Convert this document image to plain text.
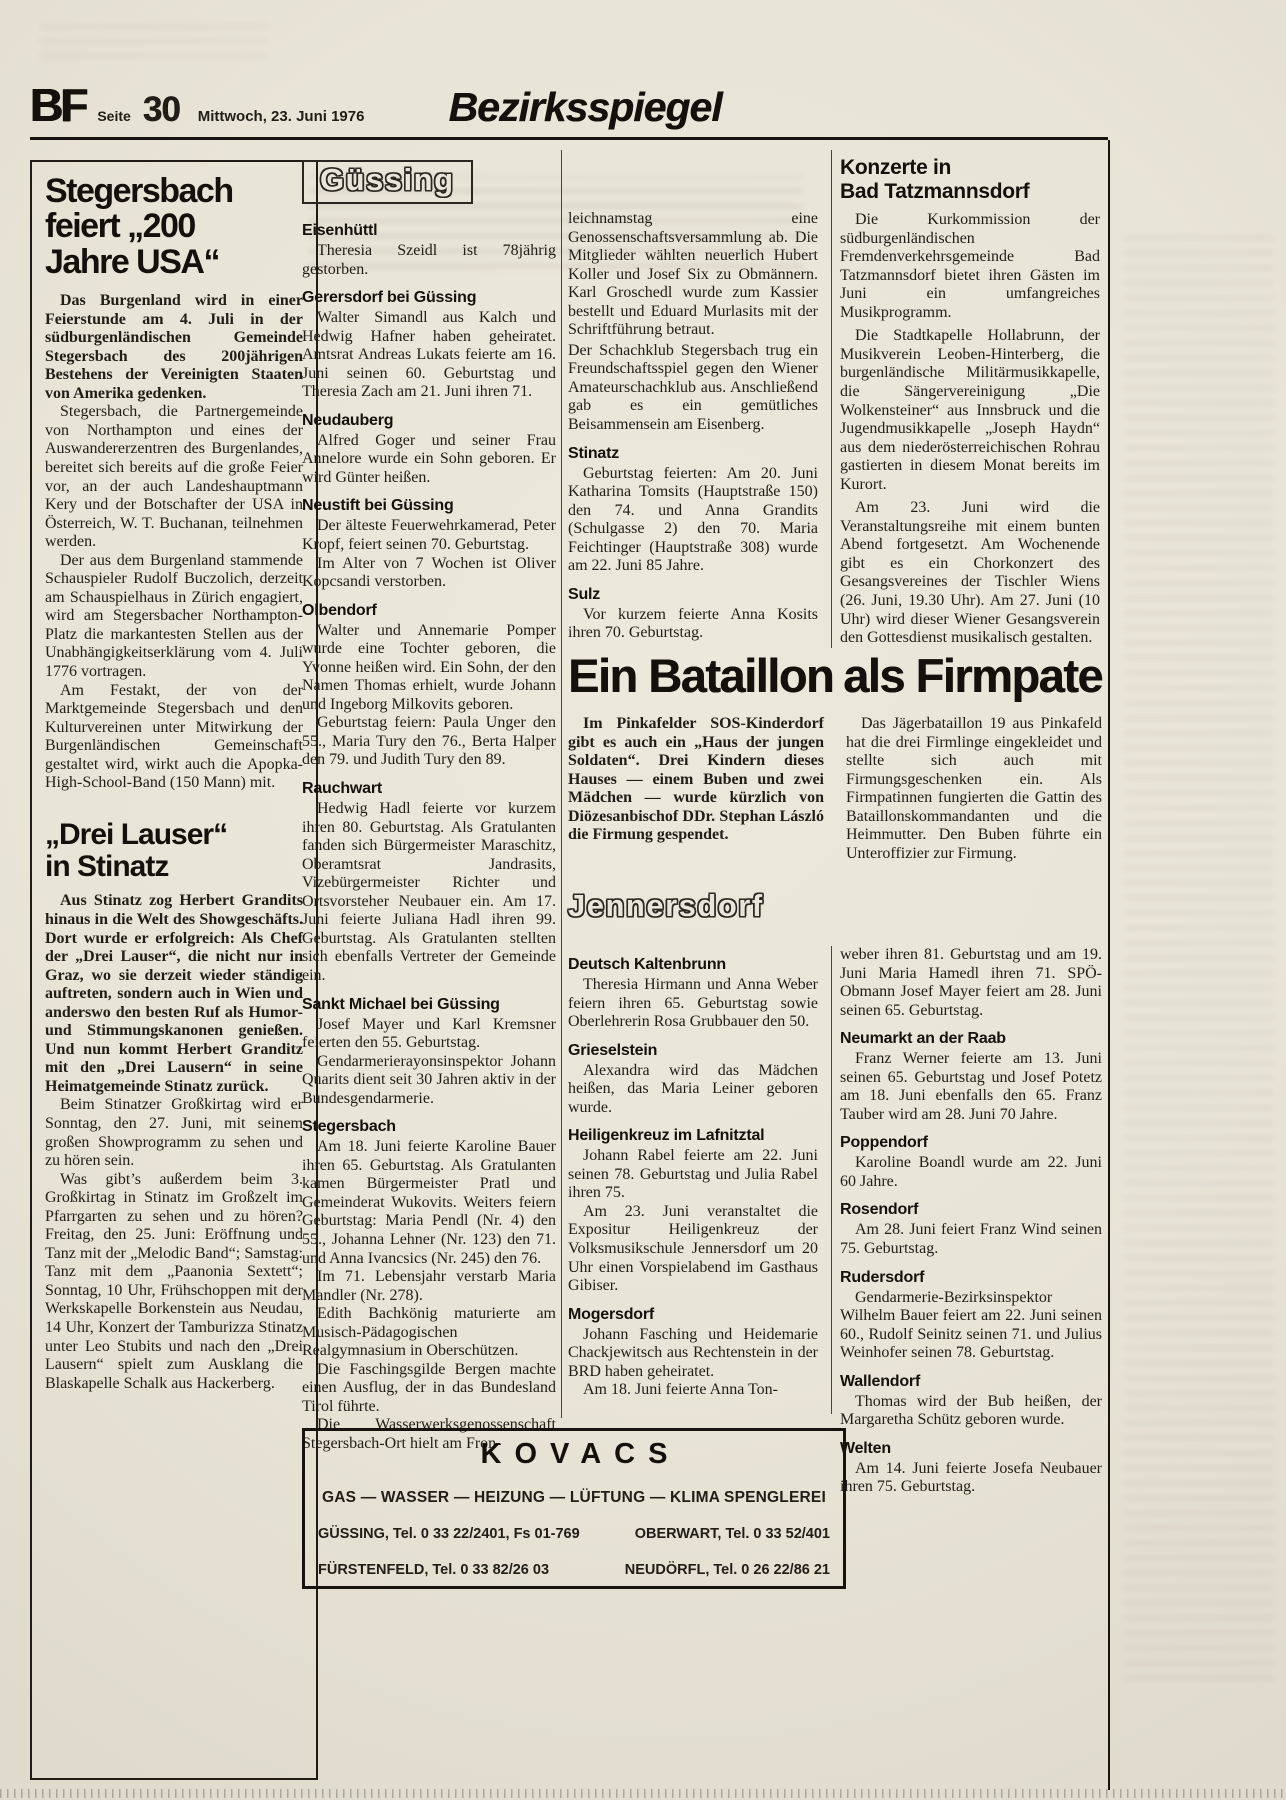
BF Seite 30 Mittwoch, 23. Juni 1976 Bezirksspiegel
Stegersbach
feiert „200
Jahre USA“

Das Burgenland wird in einer Feierstunde am 4. Juli in der südburgenländischen Gemeinde Stegersbach des 200jährigen Bestehens der Vereinigten Staaten von Amerika gedenken.

Stegersbach, die Partnergemeinde von Northampton und eines der Auswandererzentren des Burgenlandes, bereitet sich bereits auf die große Feier vor, an der auch Landeshauptmann Kery und der Botschafter der USA in Österreich, W. T. Buchanan, teilnehmen werden.

Der aus dem Burgenland stammende Schauspieler Rudolf Buczolich, derzeit am Schauspielhaus in Zürich engagiert, wird am Stegersbacher Northampton-Platz die markantesten Stellen aus der Unabhängigkeitserklärung vom 4. Juli 1776 vortragen.

Am Festakt, der von der Marktgemeinde Stegersbach und den Kulturvereinen unter Mitwirkung der Burgenländischen Gemeinschaft gestaltet wird, wirkt auch die Apopka-High-School-Band (150 Mann) mit.

„Drei Lauser“
in Stinatz

Aus Stinatz zog Herbert Grandits hinaus in die Welt des Showgeschäfts. Dort wurde er erfolgreich: Als Chef der „Drei Lauser“, die nicht nur in Graz, wo sie derzeit wieder ständig auftreten, sondern auch in Wien und anderswo den besten Ruf als Humor- und Stimmungskanonen genießen. Und nun kommt Herbert Granditz mit den „Drei Lausern“ in seine Heimatgemeinde Stinatz zurück.

Beim Stinatzer Großkirtag wird er Sonntag, den 27. Juni, mit seinem großen Showprogramm zu sehen und zu hören sein.

Was gibt’s außerdem beim 3. Großkirtag in Stinatz im Großzelt im Pfarrgarten zu sehen und zu hören? Freitag, den 25. Juni: Eröffnung und Tanz mit der „Melodic Band“; Samstag: Tanz mit dem „Paanonia Sextett“; Sonntag, 10 Uhr, Frühschoppen mit der Werkskapelle Borkenstein aus Neudau, 14 Uhr, Konzert der Tamburizza Stinatz unter Leo Stubits und nach den „Drei Lausern“ spielt zum Ausklang die Blaskapelle Schalk aus Hackerberg.

Güssing
Eisenhüttl

Theresia Szeidl ist 78jährig gestorben.

Gerersdorf bei Güssing

Walter Simandl aus Kalch und Hedwig Hafner haben geheiratet. Amtsrat Andreas Lukats feierte am 16. Juni seinen 60. Geburtstag und Theresia Zach am 21. Juni ihren 71.

Neudauberg

Alfred Goger und seiner Frau Annelore wurde ein Sohn geboren. Er wird Günter heißen.

Neustift bei Güssing

Der älteste Feuerwehrkamerad, Peter Kropf, feiert seinen 70. Geburtstag.

Im Alter von 7 Wochen ist Oliver Kopcsandi verstorben.

Olbendorf

Walter und Annemarie Pomper wurde eine Tochter geboren, die Yvonne heißen wird. Ein Sohn, der den Namen Thomas erhielt, wurde Johann und Ingeborg Milkovits geboren.

Geburtstag feiern: Paula Unger den 55., Maria Tury den 76., Berta Halper den 79. und Judith Tury den 89.

Rauchwart

Hedwig Hadl feierte vor kurzem ihren 80. Geburtstag. Als Gratulanten fanden sich Bürgermeister Maraschitz, Oberamtsrat Jandrasits, Vizebürgermeister Richter und Ortsvorsteher Neubauer ein. Am 17. Juni feierte Juliana Hadl ihren 99. Geburtstag. Als Gratulanten stellten sich ebenfalls Vertreter der Gemeinde ein.

Sankt Michael bei Güssing

Josef Mayer und Karl Kremsner feierten den 55. Geburtstag.

Gendarmerierayonsinspektor Johann Quarits dient seit 30 Jahren aktiv in der Bundesgendarmerie.

Stegersbach

Am 18. Juni feierte Karoline Bauer ihren 65. Geburtstag. Als Gratulanten kamen Bürgermeister Pratl und Gemeinderat Wukovits. Weiters feiern Geburtstag: Maria Pendl (Nr. 4) den 55., Johanna Lehner (Nr. 123) den 71. und Anna Ivancsics (Nr. 245) den 76.

Im 71. Lebensjahr verstarb Maria Mandler (Nr. 278).

Edith Bachkönig maturierte am Musisch-Pädagogischen Realgymnasium in Oberschützen.

Die Faschingsgilde Bergen machte einen Ausflug, der in das Bundesland Tirol führte.

Die Wasserwerksgenossenschaft Stegersbach-Ort hielt am Fron-

leichnamstag eine Genossenschaftsversammlung ab. Die Mitglieder wählten neuerlich Hubert Koller und Josef Six zu Obmännern. Karl Groschedl wurde zum Kassier bestellt und Eduard Murlasits mit der Schriftführung betraut.

Der Schachklub Stegersbach trug ein Freundschaftsspiel gegen den Wiener Amateurschachklub aus. Anschließend gab es ein gemütliches Beisammensein am Eisenberg.

Stinatz

Geburtstag feierten: Am 20. Juni Katharina Tomsits (Hauptstraße 150) den 74. und Anna Grandits (Schulgasse 2) den 70. Maria Feichtinger (Hauptstraße 308) wurde am 22. Juni 85 Jahre.

Sulz

Vor kurzem feierte Anna Kosits ihren 70. Geburtstag.

Konzerte in
Bad Tatzmannsdorf

Die Kurkommission der südburgenländischen Fremdenverkehrsgemeinde Bad Tatzmannsdorf bietet ihren Gästen im Juni ein umfangreiches Musikprogramm.

Die Stadtkapelle Hollabrunn, der Musikverein Leoben-Hinterberg, die burgenländische Militärmusikkapelle, die Sängervereinigung „Die Wolkensteiner“ aus Innsbruck und die Jugendmusikkapelle „Joseph Haydn“ aus dem niederösterreichischen Rohrau gastierten in diesem Monat bereits im Kurort.

Am 23. Juni wird die Veranstaltungsreihe mit einem bunten Abend fortgesetzt. Am Wochenende gibt es ein Chorkonzert des Gesangsvereines der Tischler Wiens (26. Juni, 19.30 Uhr). Am 27. Juni (10 Uhr) wird dieser Wiener Gesangsverein den Gottesdienst musikalisch gestalten.

Ein Bataillon als Firmpate

Im Pinkafelder SOS-Kinderdorf gibt es auch ein „Haus der jungen Soldaten“. Drei Kindern dieses Hauses — einem Buben und zwei Mädchen — wurde kürzlich von Diözesanbischof DDr. Stephan László die Firmung gespendet.

Das Jägerbataillon 19 aus Pinkafeld hat die drei Firmlinge eingekleidet und stellte sich auch mit Firmungsgeschenken ein. Als Firmpatinnen fungierten die Gattin des Bataillonskommandanten und die Heimmutter. Den Buben führte ein Unteroffizier zur Firmung.

Jennersdorf
Deutsch Kaltenbrunn

Theresia Hirmann und Anna Weber feiern ihren 65. Geburtstag sowie Oberlehrerin Rosa Grubbauer den 50.

Grieselstein

Alexandra wird das Mädchen heißen, das Maria Leiner geboren wurde.

Heiligenkreuz im Lafnitztal

Johann Rabel feierte am 22. Juni seinen 78. Geburtstag und Julia Rabel ihren 75.

Am 23. Juni veranstaltet die Expositur Heiligenkreuz der Volksmusikschule Jennersdorf um 20 Uhr einen Vorspielabend im Gasthaus Gibiser.

Mogersdorf

Johann Fasching und Heidemarie Chackjewitsch aus Rechtenstein in der BRD haben geheiratet.

Am 18. Juni feierte Anna Ton-

weber ihren 81. Geburtstag und am 19. Juni Maria Hamedl ihren 71. SPÖ-Obmann Josef Mayer feiert am 28. Juni seinen 65. Geburtstag.

Neumarkt an der Raab

Franz Werner feierte am 13. Juni seinen 65. Geburtstag und Josef Potetz am 18. Juni ebenfalls den 65. Franz Tauber wird am 28. Juni 70 Jahre.

Poppendorf

Karoline Boandl wurde am 22. Juni 60 Jahre.

Rosendorf

Am 28. Juni feiert Franz Wind seinen 75. Geburtstag.

Rudersdorf

Gendarmerie-Bezirksinspektor Wilhelm Bauer feiert am 22. Juni seinen 60., Rudolf Seinitz seinen 71. und Julius Weinhofer seinen 78. Geburtstag.

Wallendorf

Thomas wird der Bub heißen, der Margaretha Schütz geboren wurde.

Welten

Am 14. Juni feierte Josefa Neubauer ihren 75. Geburtstag.

KOVACS
GAS — WASSER — HEIZUNG — LÜFTUNG — KLIMA SPENGLEREI
GÜSSING, Tel. 0 33 22/2401, Fs 01-769	OBERWART, Tel. 0 33 52/401
FÜRSTENFELD, Tel. 0 33 82/26 03	NEUDÖRFL, Tel. 0 26 22/86 21
